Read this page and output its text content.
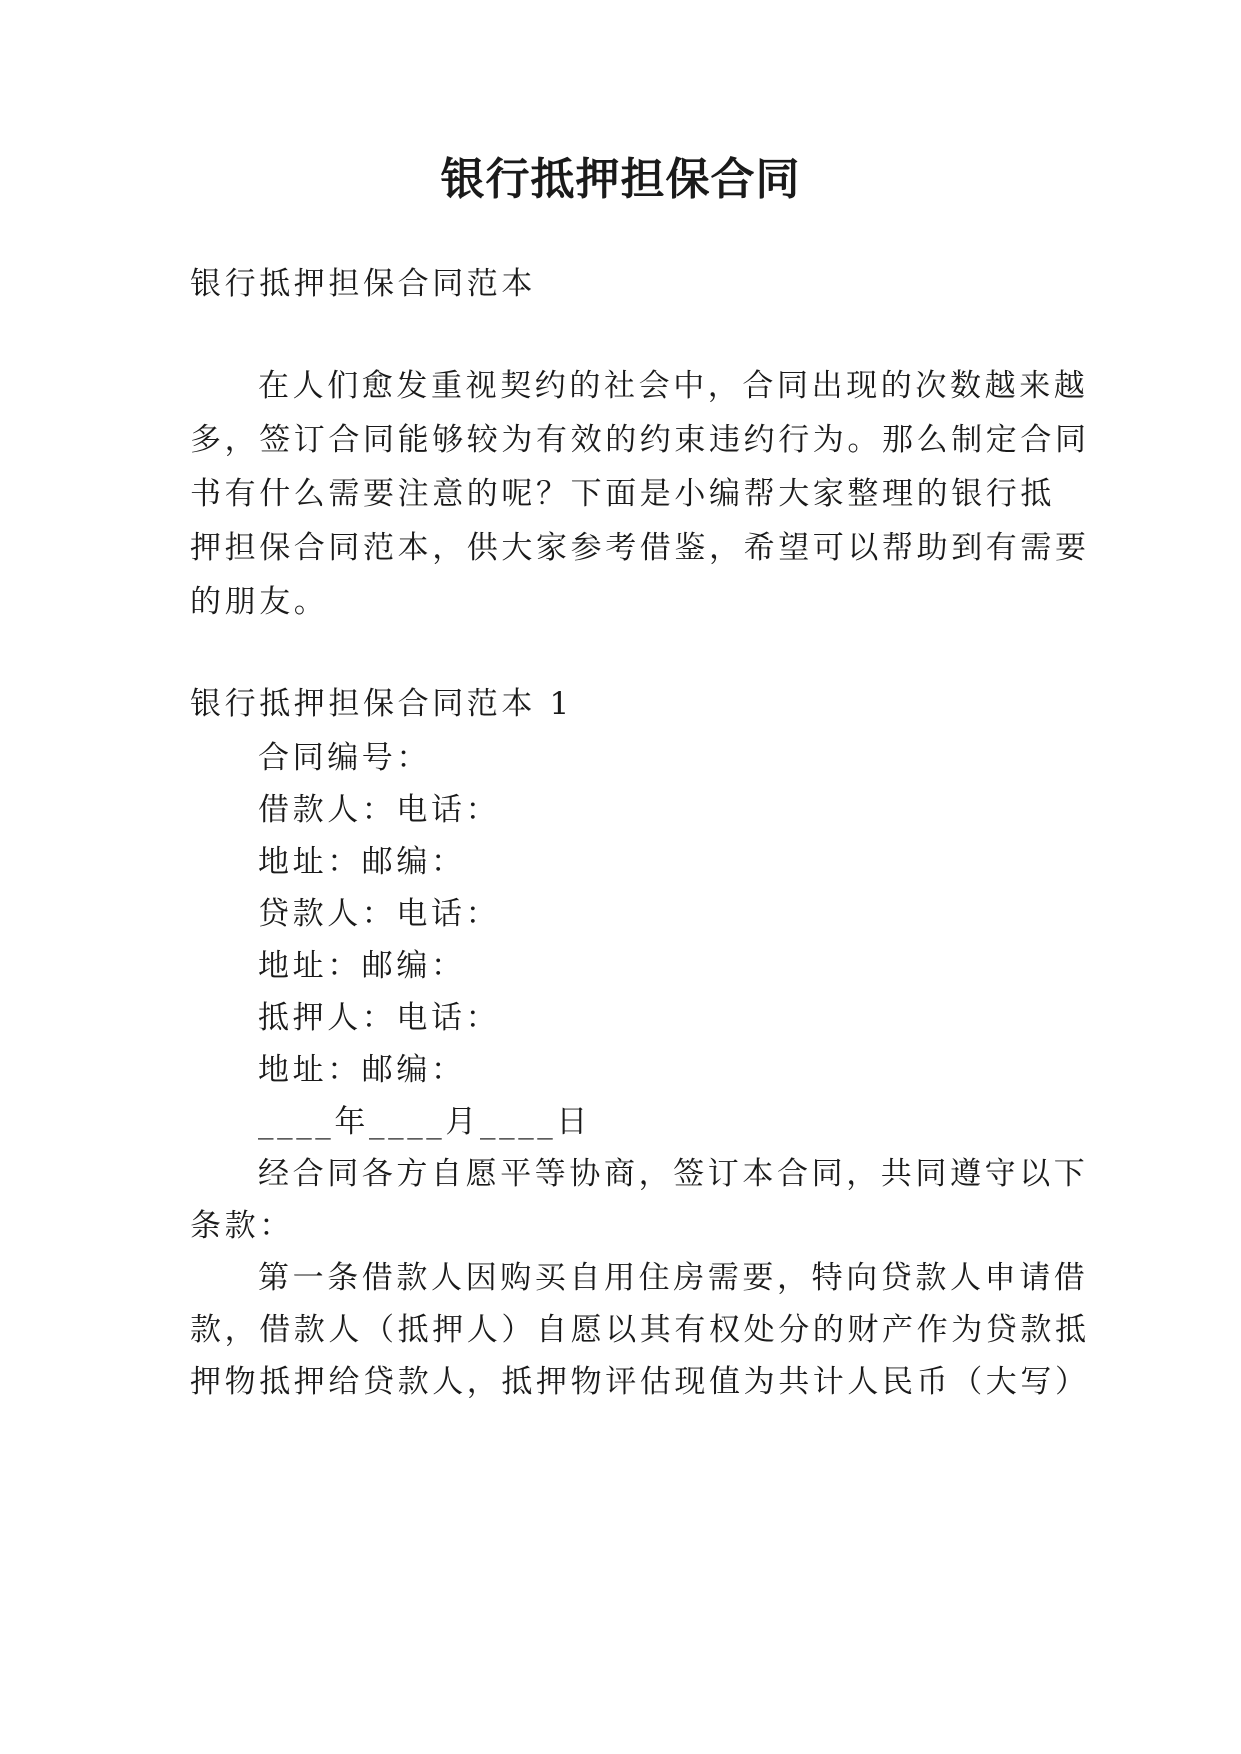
银行抵押担保合同
银行抵押担保合同范本
在人们愈发重视契约的社会中，合同出现的次数越来越
多，签订合同能够较为有效的约束违约行为。那么制定合同
书有什么需要注意的呢？下面是小编帮大家整理的银行抵
押担保合同范本，供大家参考借鉴，希望可以帮助到有需要
的朋友。
银行抵押担保合同范本 1
合同编号：
借款人：电话：
地址：邮编：
贷款人：电话：
地址：邮编：
抵押人：电话：
地址：邮编：
____年____月____日
经合同各方自愿平等协商，签订本合同，共同遵守以下
条款：
第一条借款人因购买自用住房需要，特向贷款人申请借
款，借款人（抵押人）自愿以其有权处分的财产作为贷款抵
押物抵押给贷款人，抵押物评估现值为共计人民币（大写）
